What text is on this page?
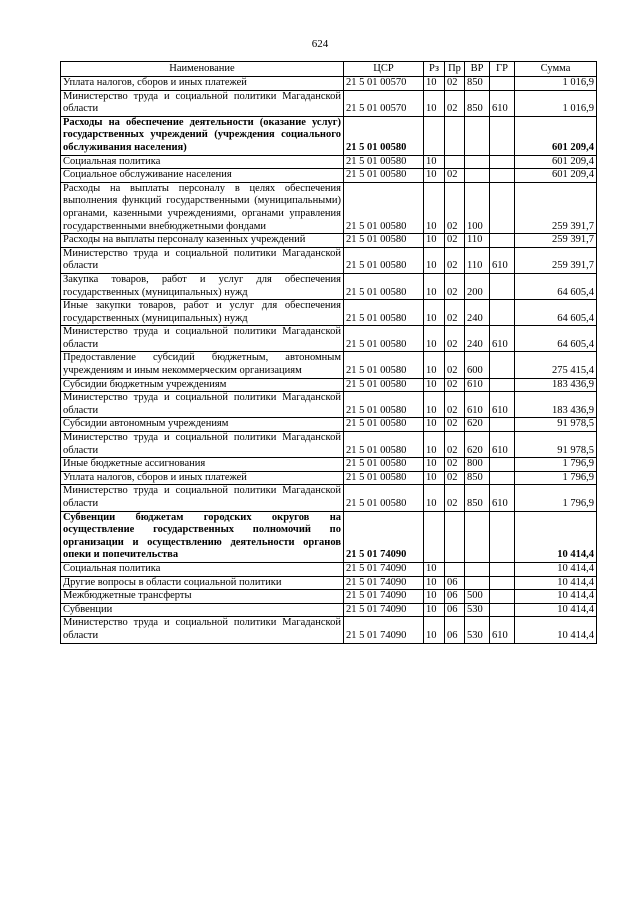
624
Наименование	ЦСР	Рз	Пр	ВР	ГР	Сумма
Уплата налогов, сборов и иных платежей	21 5 01 00570	10	02	850		1 016,9
Министерство труда и социальной политики Магаданской области	21 5 01 00570	10	02	850	610	1 016,9
Расходы на обеспечение деятельности (оказание услуг) государственных учреждений (учреждения социального обслуживания населения)	21 5 01 00580					601 209,4
Социальная политика	21 5 01 00580	10				601 209,4
Социальное обслуживание населения	21 5 01 00580	10	02			601 209,4
Расходы на выплаты персоналу в целях обеспечения выполнения функций государственными (муниципальными) органами, казенными учреждениями, органами управления государственными внебюджетными фондами	21 5 01 00580	10	02	100		259 391,7
Расходы на выплаты персоналу казенных учреждений	21 5 01 00580	10	02	110		259 391,7
Министерство труда и социальной политики Магаданской области	21 5 01 00580	10	02	110	610	259 391,7
Закупка товаров, работ и услуг для обеспечения государственных (муниципальных) нужд	21 5 01 00580	10	02	200		64 605,4
Иные закупки товаров, работ и услуг для обеспечения государственных (муниципальных) нужд	21 5 01 00580	10	02	240		64 605,4
Министерство труда и социальной политики Магаданской области	21 5 01 00580	10	02	240	610	64 605,4
Предоставление субсидий бюджетным, автономным учреждениям и иным некоммерческим организациям	21 5 01 00580	10	02	600		275 415,4
Субсидии бюджетным учреждениям	21 5 01 00580	10	02	610		183 436,9
Министерство труда и социальной политики Магаданской области	21 5 01 00580	10	02	610	610	183 436,9
Субсидии автономным учреждениям	21 5 01 00580	10	02	620		91 978,5
Министерство труда и социальной политики Магаданской области	21 5 01 00580	10	02	620	610	91 978,5
Иные бюджетные ассигнования	21 5 01 00580	10	02	800		1 796,9
Уплата налогов, сборов и иных платежей	21 5 01 00580	10	02	850		1 796,9
Министерство труда и социальной политики Магаданской области	21 5 01 00580	10	02	850	610	1 796,9
Субвенции бюджетам городских округов на осуществление государственных полномочий по организации и осуществлению деятельности органов опеки и попечительства	21 5 01 74090					10 414,4
Социальная политика	21 5 01 74090	10				10 414,4
Другие вопросы в области социальной политики	21 5 01 74090	10	06			10 414,4
Межбюджетные трансферты	21 5 01 74090	10	06	500		10 414,4
Субвенции	21 5 01 74090	10	06	530		10 414,4
Министерство труда и социальной политики Магаданской области	21 5 01 74090	10	06	530	610	10 414,4
